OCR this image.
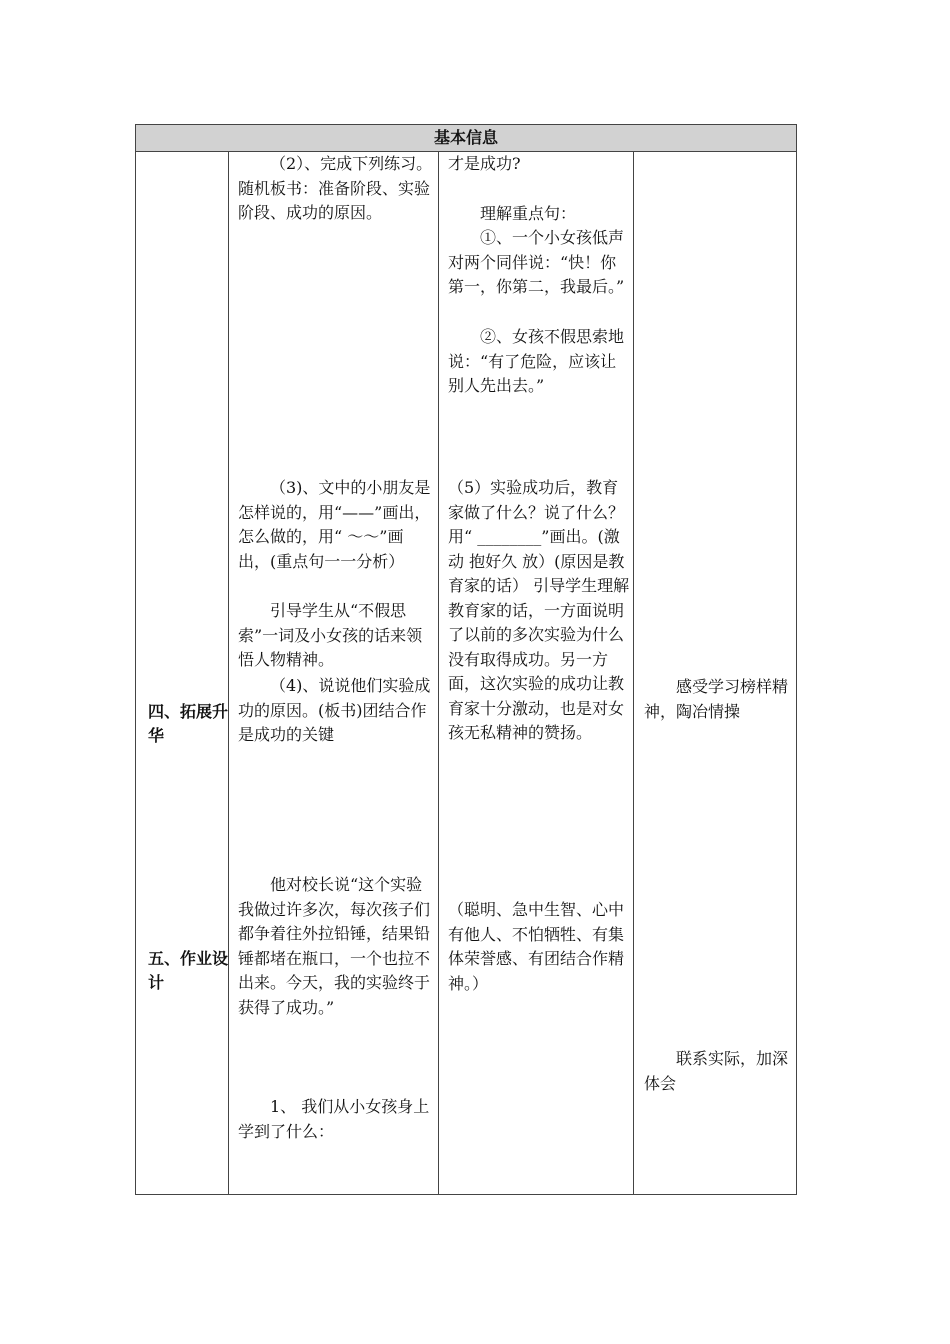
基本信息
四、拓展升华
五、作业设计
（2）、完成下列练习。随机板书：准备阶段、实验阶段、成功的原因。
（3)、文中的小朋友是怎样说的，用“——”画出， 怎么做的，用“ ～～”画出，(重点句一一分析）
引导学生从“不假思索”一词及小女孩的话来领悟人物精神。
（4)、说说他们实验成功的原因。(板书)团结合作是成功的关键
他对校长说“这个实验我做过许多次，每次孩子们都争着往外拉铅锤，结果铅锤都堵在瓶口，一个也拉不出来。今天，我的实验终于获得了成功。”
1、 我们从小女孩身上学到了什么：
才是成功?
理解重点句：
①、一个小女孩低声对两个同伴说：“快！你第一，你第二，我最后。”
②、女孩不假思索地说：“有了危险，应该让别人先出去。”
（5）实验成功后，教育家做了什么？说了什么？用“ ________”画出。(激动 抱好久 放）(原因是教育家的话） 引导学生理解教育家的话，一方面说明了以前的多次实验为什么没有取得成功。另一方面，这次实验的成功让教育家十分激动，也是对女孩无私精神的赞扬。
（聪明、急中生智、心中有他人、不怕牺牲、有集体荣誉感、有团结合作精神。）
感受学习榜样精神，陶冶情操
联系实际，加深体会
